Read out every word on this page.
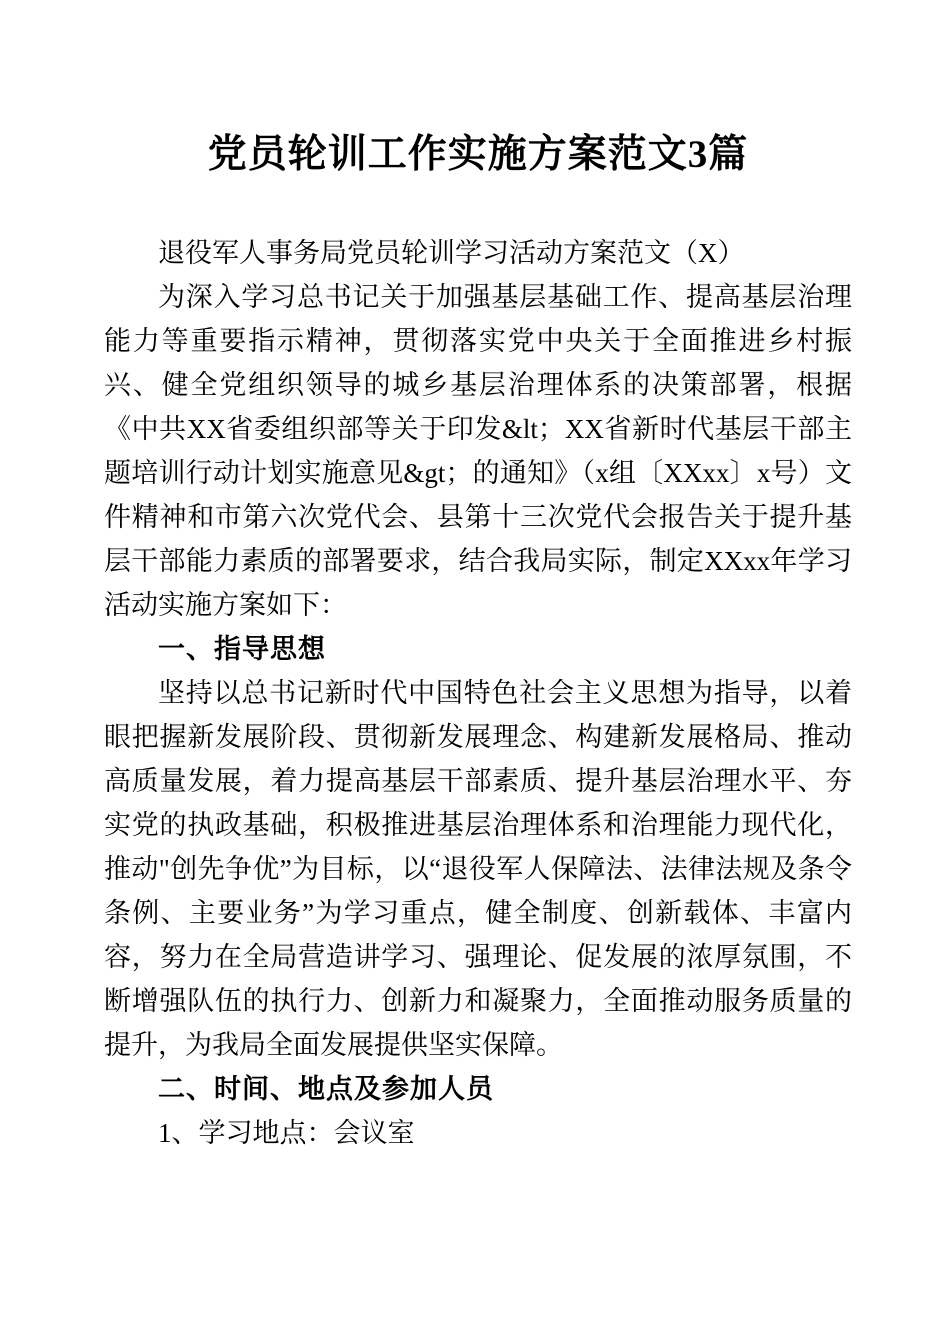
党员轮训工作实施方案范文3篇

退役军人事务局党员轮训学习活动方案范文（X）

为深入学习总书记关于加强基层基础工作、提高基层治理能力等重要指示精神，贯彻落实党中央关于全面推进乡村振兴、健全党组织领导的城乡基层治理体系的决策部署，根据《中共XX省委组织部等关于印发&lt；XX省新时代基层干部主题培训行动计划实施意见&gt；的通知》（x组〔XXxx〕x号）文件精神和市第六次党代会、县第十三次党代会报告关于提升基层干部能力素质的部署要求，结合我局实际，制定XXxx年学习活动实施方案如下：

一、指导思想

坚持以总书记新时代中国特色社会主义思想为指导，以着眼把握新发展阶段、贯彻新发展理念、构建新发展格局、推动高质量发展，着力提高基层干部素质、提升基层治理水平、夯实党的执政基础，积极推进基层治理体系和治理能力现代化，推动"创先争优”为目标，以“退役军人保障法、法律法规及条令条例、主要业务”为学习重点，健全制度、创新载体、丰富内容，努力在全局营造讲学习、强理论、促发展的浓厚氛围，不断增强队伍的执行力、创新力和凝聚力，全面推动服务质量的提升，为我局全面发展提供坚实保障。

二、时间、地点及参加人员

1、学习地点：会议室
